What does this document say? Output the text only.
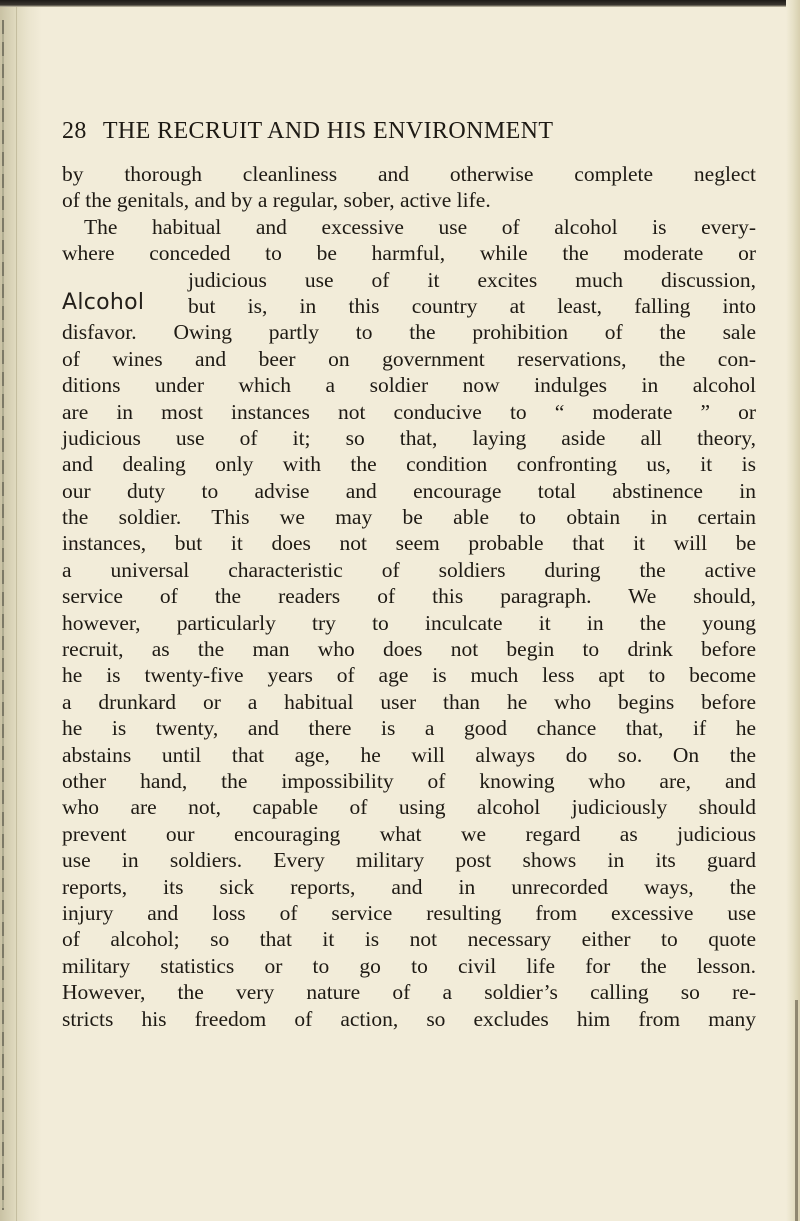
28 THE RECRUIT AND HIS ENVIRONMENT
Alcohol
by thorough cleanliness and otherwise complete neglect
of the genitals, and by a regular, sober, active life.
The habitual and excessive use of alcohol is every-
where conceded to be harmful, while the moderate or
judicious use of it excites much discussion,
but is, in this country at least, falling into
disfavor. Owing partly to the prohibition of the sale
of wines and beer on government reservations, the con-
ditions under which a soldier now indulges in alcohol
are in most instances not conducive to “ moderate ” or
judicious use of it; so that, laying aside all theory,
and dealing only with the condition confronting us, it is
our duty to advise and encourage total abstinence in
the soldier. This we may be able to obtain in certain
instances, but it does not seem probable that it will be
a universal characteristic of soldiers during the active
service of the readers of this paragraph. We should,
however, particularly try to inculcate it in the young
recruit, as the man who does not begin to drink before
he is twenty-five years of age is much less apt to become
a drunkard or a habitual user than he who begins before
he is twenty, and there is a good chance that, if he
abstains until that age, he will always do so. On the
other hand, the impossibility of knowing who are, and
who are not, capable of using alcohol judiciously should
prevent our encouraging what we regard as judicious
use in soldiers. Every military post shows in its guard
reports, its sick reports, and in unrecorded ways, the
injury and loss of service resulting from excessive use
of alcohol; so that it is not necessary either to quote
military statistics or to go to civil life for the lesson.
However, the very nature of a soldier’s calling so re-
stricts his freedom of action, so excludes him from many
